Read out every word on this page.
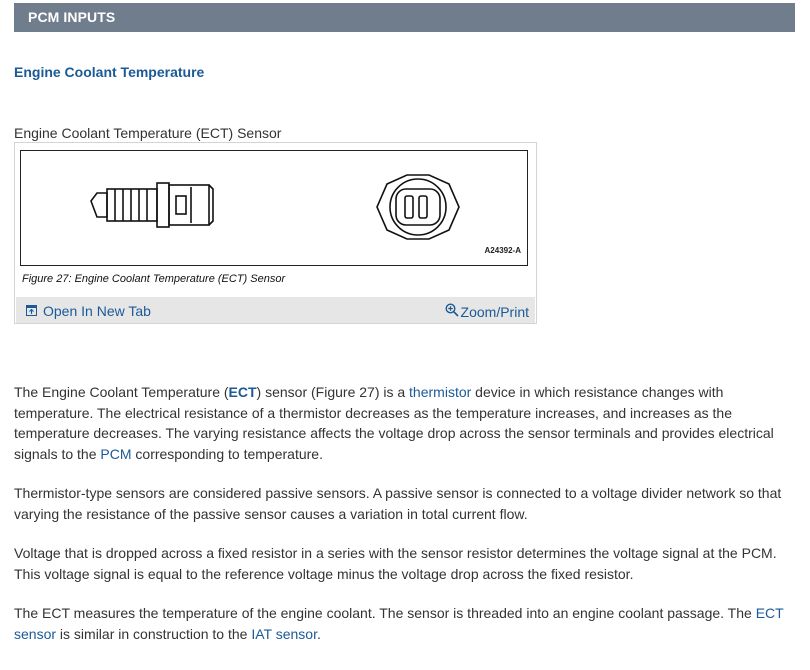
PCM INPUTS
Engine Coolant Temperature
Engine Coolant Temperature (ECT) Sensor
A24392-A
Figure 27: Engine Coolant Temperature (ECT) Sensor
Open In New Tab	Zoom/Print
The Engine Coolant Temperature (ECT) sensor (Figure 27) is a thermistor device in which resistance changes with temperature. The electrical resistance of a thermistor decreases as the temperature increases, and increases as the temperature decreases. The varying resistance affects the voltage drop across the sensor terminals and provides electrical signals to the PCM corresponding to temperature.
Thermistor-type sensors are considered passive sensors. A passive sensor is connected to a voltage divider network so that varying the resistance of the passive sensor causes a variation in total current flow.
Voltage that is dropped across a fixed resistor in a series with the sensor resistor determines the voltage signal at the PCM. This voltage signal is equal to the reference voltage minus the voltage drop across the fixed resistor.
The ECT measures the temperature of the engine coolant. The sensor is threaded into an engine coolant passage. The ECT sensor is similar in construction to the IAT sensor.
